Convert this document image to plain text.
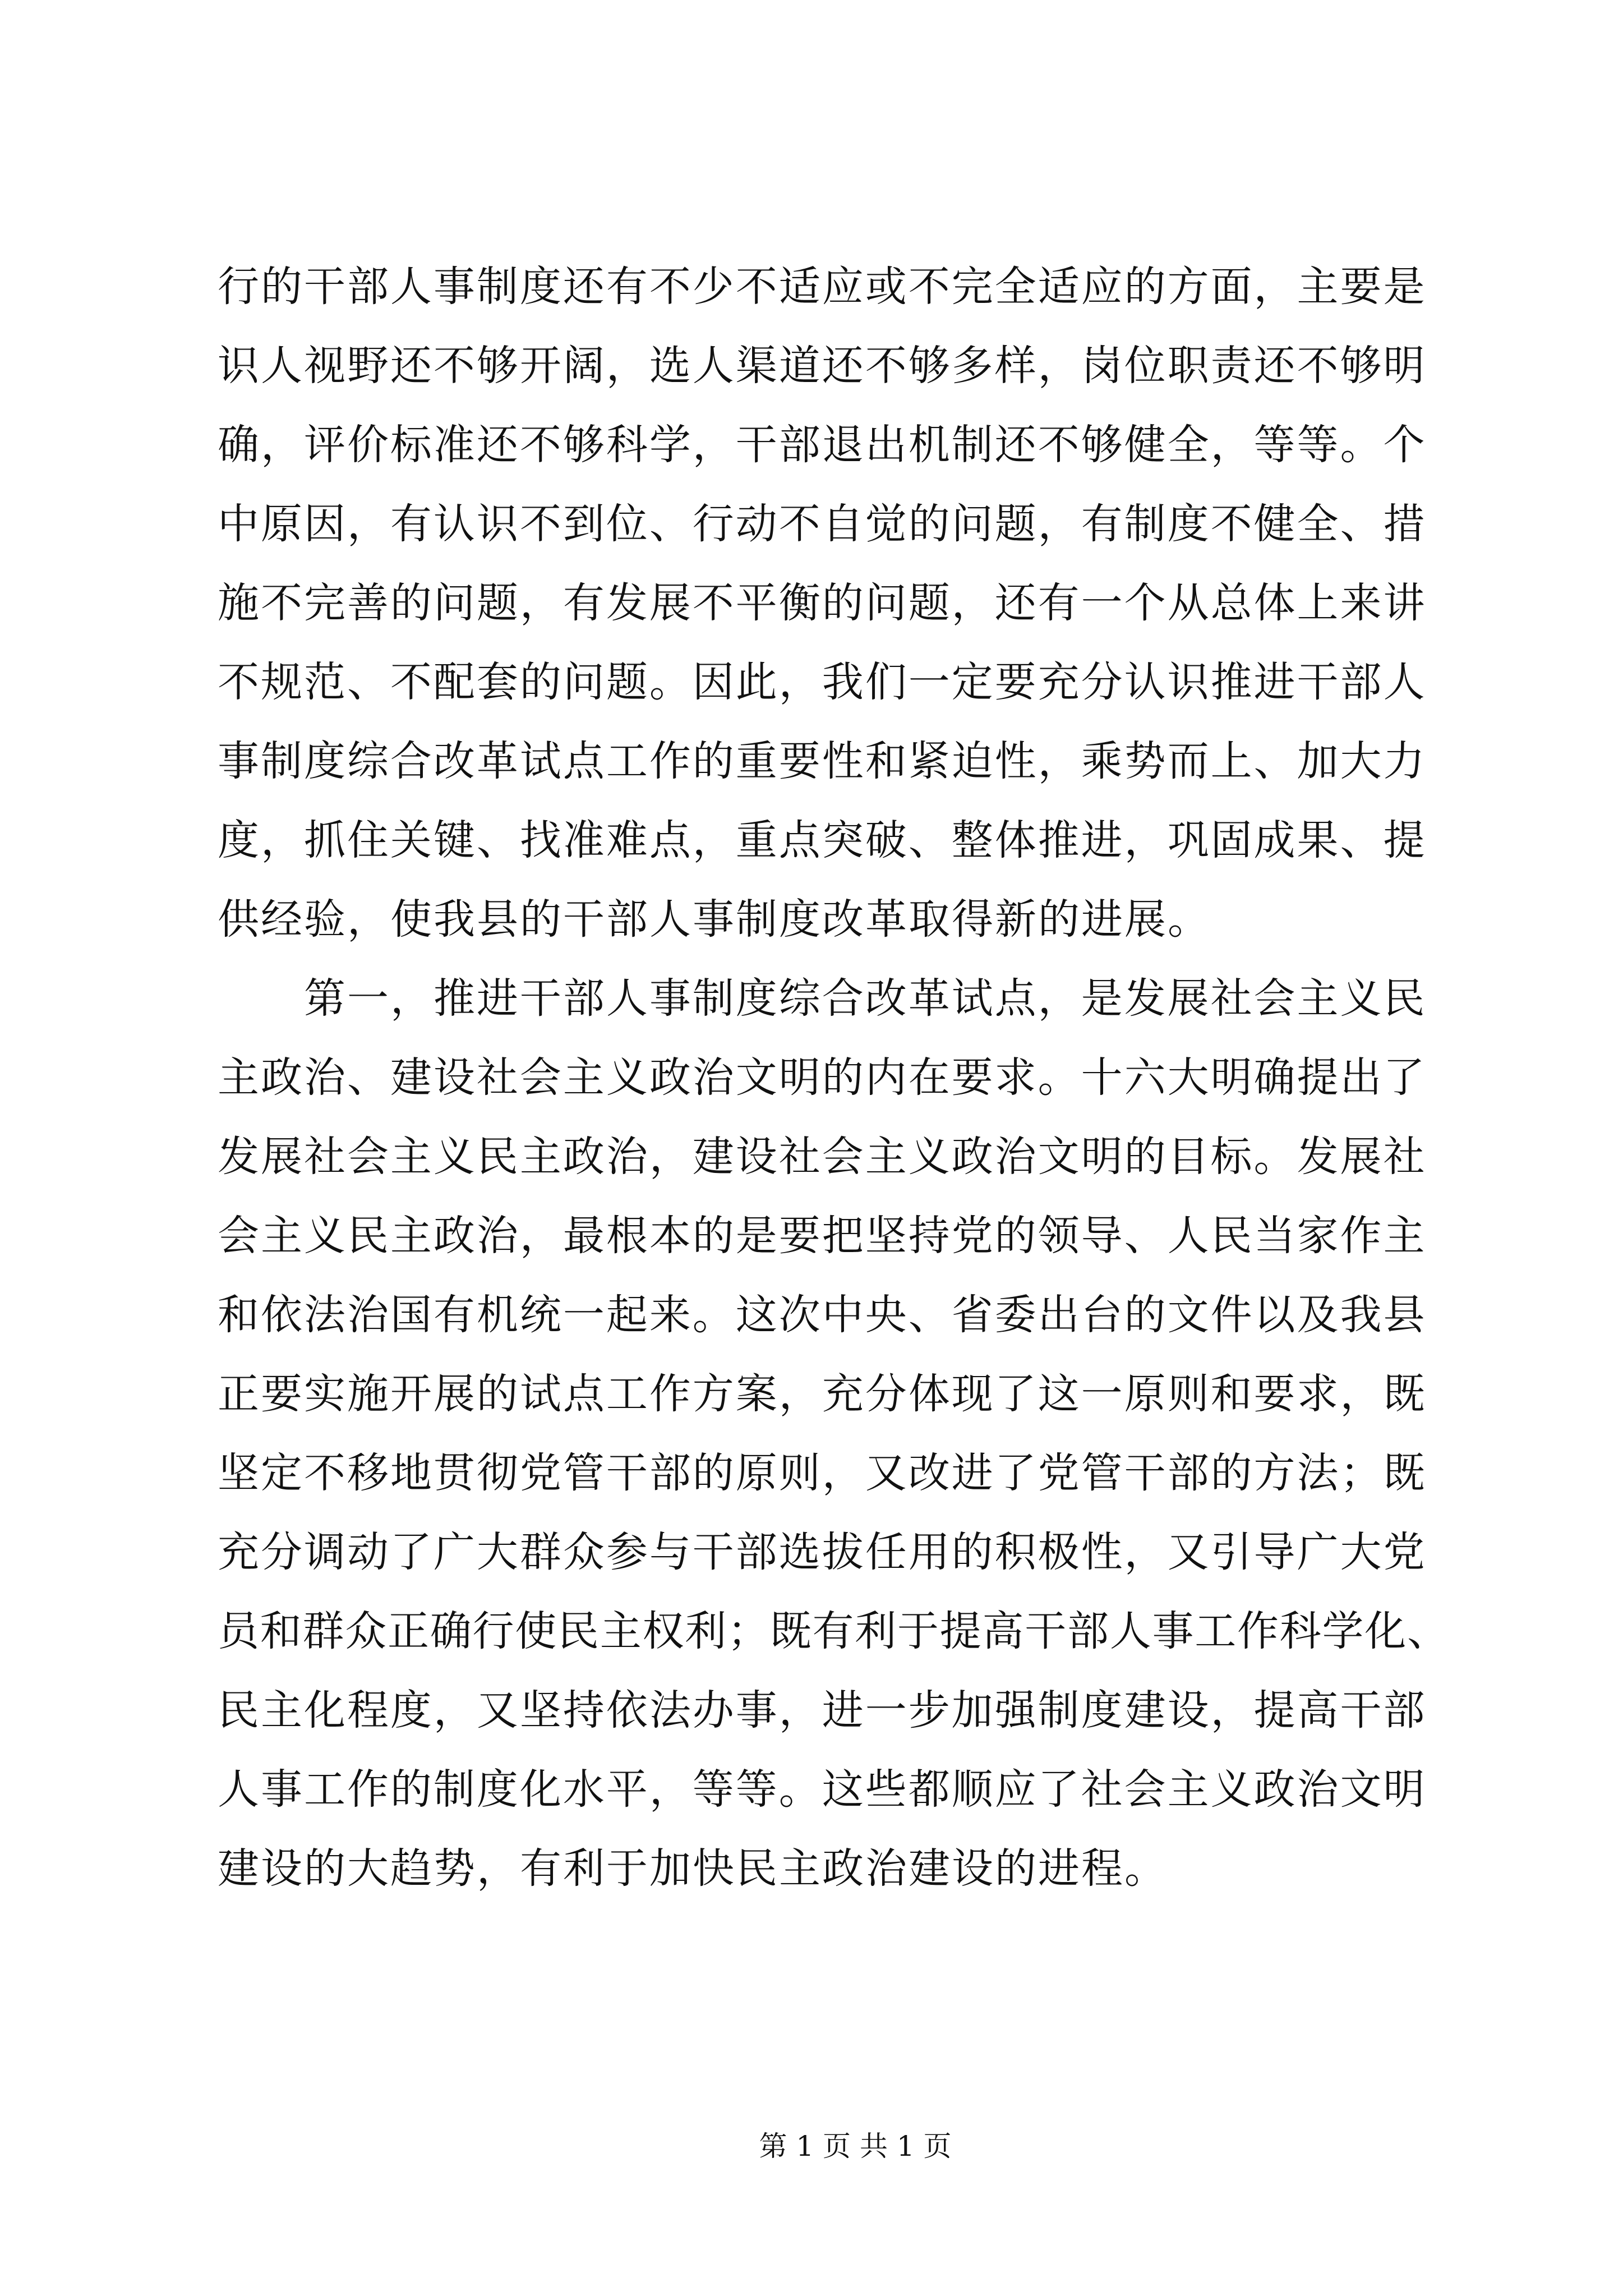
行的干部人事制度还有不少不适应或不完全适应的方面，主要是
识人视野还不够开阔，选人渠道还不够多样，岗位职责还不够明
确，评价标准还不够科学，干部退出机制还不够健全，等等。个
中原因，有认识不到位、行动不自觉的问题，有制度不健全、措
施不完善的问题，有发展不平衡的问题，还有一个从总体上来讲
不规范、不配套的问题。因此，我们一定要充分认识推进干部人
事制度综合改革试点工作的重要性和紧迫性，乘势而上、加大力
度，抓住关键、找准难点，重点突破、整体推进，巩固成果、提
供经验，使我县的干部人事制度改革取得新的进展。
第一，推进干部人事制度综合改革试点，是发展社会主义民
主政治、建设社会主义政治文明的内在要求。十六大明确提出了
发展社会主义民主政治，建设社会主义政治文明的目标。发展社
会主义民主政治，最根本的是要把坚持党的领导、人民当家作主
和依法治国有机统一起来。这次中央、省委出台的文件以及我县
正要实施开展的试点工作方案，充分体现了这一原则和要求，既
坚定不移地贯彻党管干部的原则，又改进了党管干部的方法；既
充分调动了广大群众参与干部选拔任用的积极性，又引导广大党
员和群众正确行使民主权利；既有利于提高干部人事工作科学化、
民主化程度，又坚持依法办事，进一步加强制度建设，提高干部
人事工作的制度化水平，等等。这些都顺应了社会主义政治文明
建设的大趋势，有利于加快民主政治建设的进程。
第 1 页 共 1 页
